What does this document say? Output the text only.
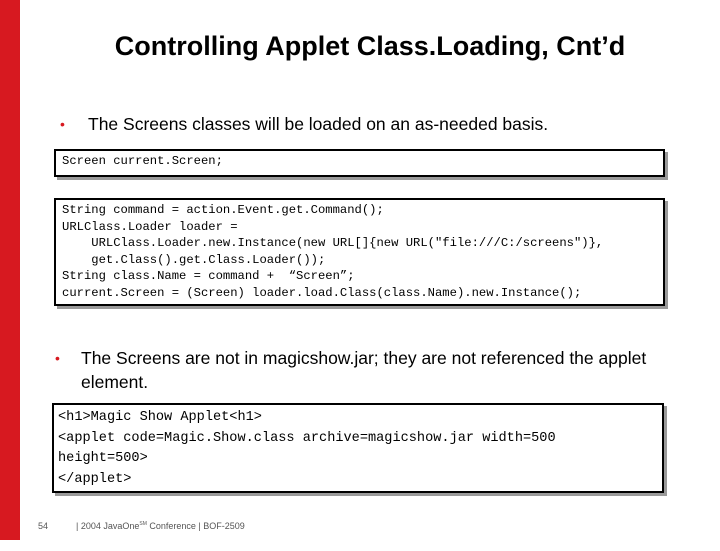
Controlling Applet Class.Loading, Cnt’d
• The Screens classes will be loaded on an as-needed basis.
Screen current.Screen;
String command = action.Event.get.Command();
URLClass.Loader loader =
URLClass.Loader.new.Instance(new URL[]{new URL("file:///C:/screens")},
get.Class().get.Class.Loader());
String class.Name = command +  “Screen”;
current.Screen = (Screen) loader.load.Class(class.Name).new.Instance();
• The Screens are not in magicshow.jar; they are not referenced the applet element.
<h1>Magic Show Applet<h1>
<applet code=Magic.Show.class archive=magicshow.jar width=500
height=500>
</applet>

54

	| 2004 JavaOne℠ Conference | BOF-2509
